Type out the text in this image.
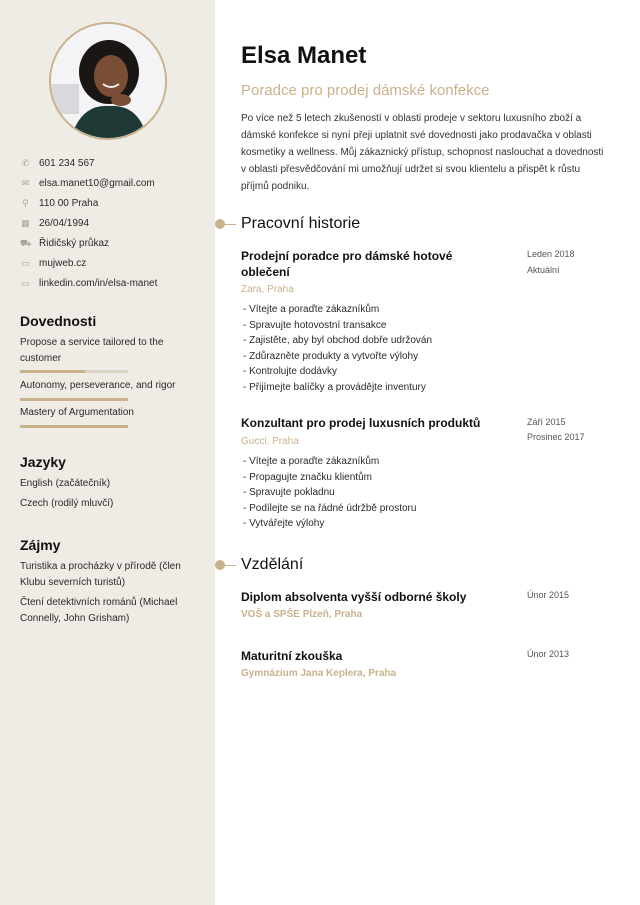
✆ 601 234 567
✉ elsa.manet10@gmail.com
⚲ 110 00 Praha
▦ 26/04/1994
⛟ Řidičský průkaz
▭ mujweb.cz
▭ linkedin.com/in/elsa-manet
Dovednosti
Propose a service tailored to the customer
Autonomy, perseverance, and rigor
Mastery of Argumentation
Jazyky
English (začátečník)
Czech (rodilý mluvčí)
Zájmy
Turistika a procházky v přírodě (člen Klubu severních turistů)
Čtení detektivních románů (Michael Connelly, John Grisham)
Elsa Manet
Poradce pro prodej dámské konfekce
Po více než 5 letech zkušeností v oblasti prodeje v sektoru luxusního zboží a dámské konfekce si nyní přeji uplatnit své dovednosti jako prodavačka v oblasti kosmetiky a wellness. Můj zákaznický přístup, schopnost naslouchat a dovednosti v oblasti přesvědčování mi umožňují udržet si svou klientelu a přispět k růstu příjmů podniku.
Pracovní historie
Prodejní poradce pro dámské hotové oblečení
Leden 2018
Aktuální
Zara, Praha
- Vítejte a poraďte zákazníkům
- Spravujte hotovostní transakce
- Zajistěte, aby byl obchod dobře udržován
- Zdůrazněte produkty a vytvořte výlohy
- Kontrolujte dodávky
- Přijímejte balíčky a provádějte inventury
Konzultant pro prodej luxusních produktů	Září 2015
Prosinec 2017
Gucci, Praha
- Vítejte a poraďte zákazníkům
- Propagujte značku klientům
- Spravujte pokladnu
- Podílejte se na řádné údržbě prostoru
- Vytvářejte výlohy
Vzdělání
Diplom absolventa vyšší odborné školy	Únor 2015
VOŠ a SPŠE Plzeň, Praha
Maturitní zkouška	Únor 2013
Gymnázium Jana Keplera, Praha
